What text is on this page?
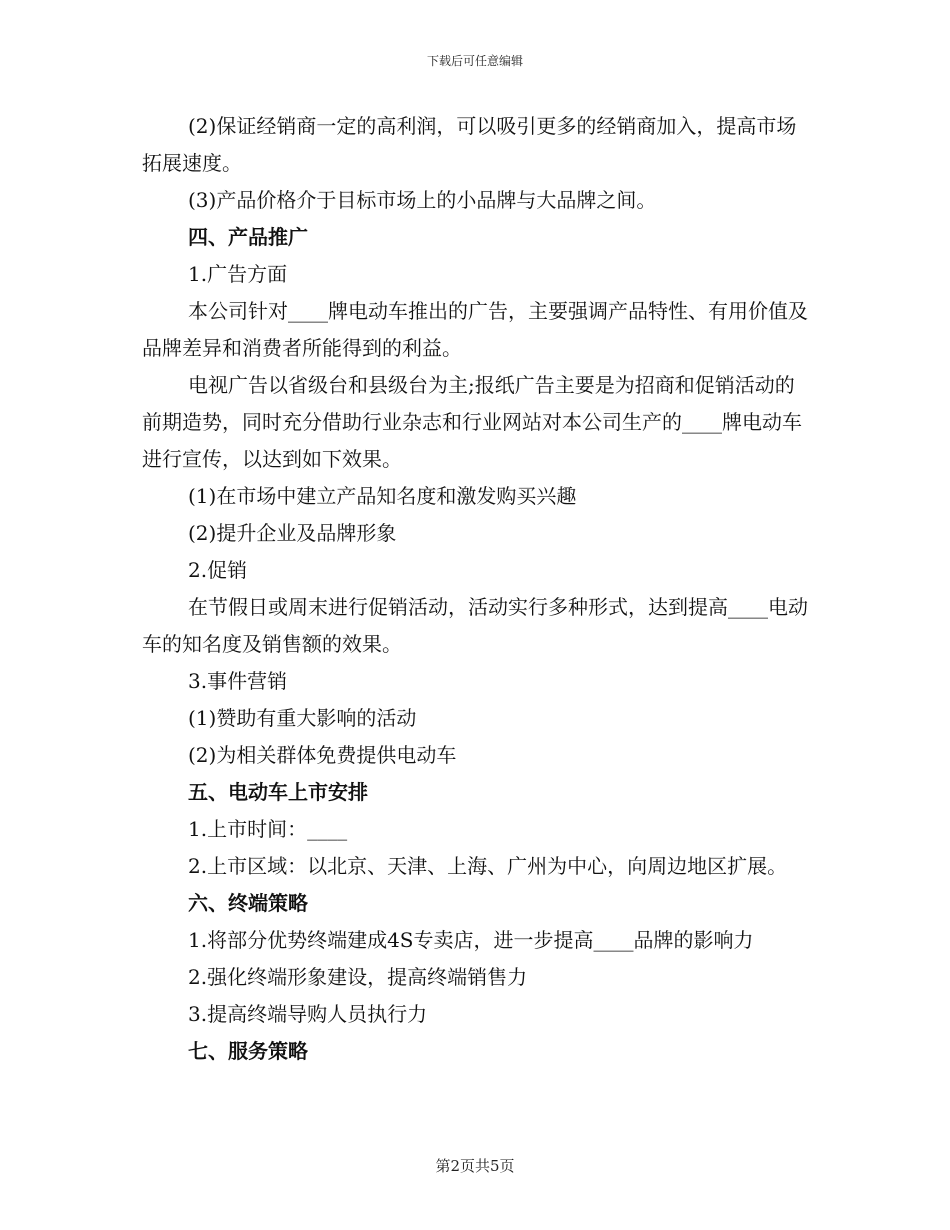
下载后可任意编辑

(2)保证经销商一定的高利润，可以吸引更多的经销商加入，提高市场拓展速度。

(3)产品价格介于目标市场上的小品牌与大品牌之间。

四、产品推广

1.广告方面

本公司针对____牌电动车推出的广告，主要强调产品特性、有用价值及品牌差异和消费者所能得到的利益。

电视广告以省级台和县级台为主;报纸广告主要是为招商和促销活动的前期造势，同时充分借助行业杂志和行业网站对本公司生产的____牌电动车进行宣传，以达到如下效果。

(1)在市场中建立产品知名度和激发购买兴趣

(2)提升企业及品牌形象

2.促销

在节假日或周末进行促销活动，活动实行多种形式，达到提高____电动车的知名度及销售额的效果。

3.事件营销

(1)赞助有重大影响的活动

(2)为相关群体免费提供电动车

五、电动车上市安排

1.上市时间：____

2.上市区域：以北京、天津、上海、广州为中心，向周边地区扩展。

六、终端策略

1.将部分优势终端建成4S专卖店，进一步提高____品牌的影响力

2.强化终端形象建设，提高终端销售力

3.提高终端导购人员执行力

七、服务策略

第2页共5页
